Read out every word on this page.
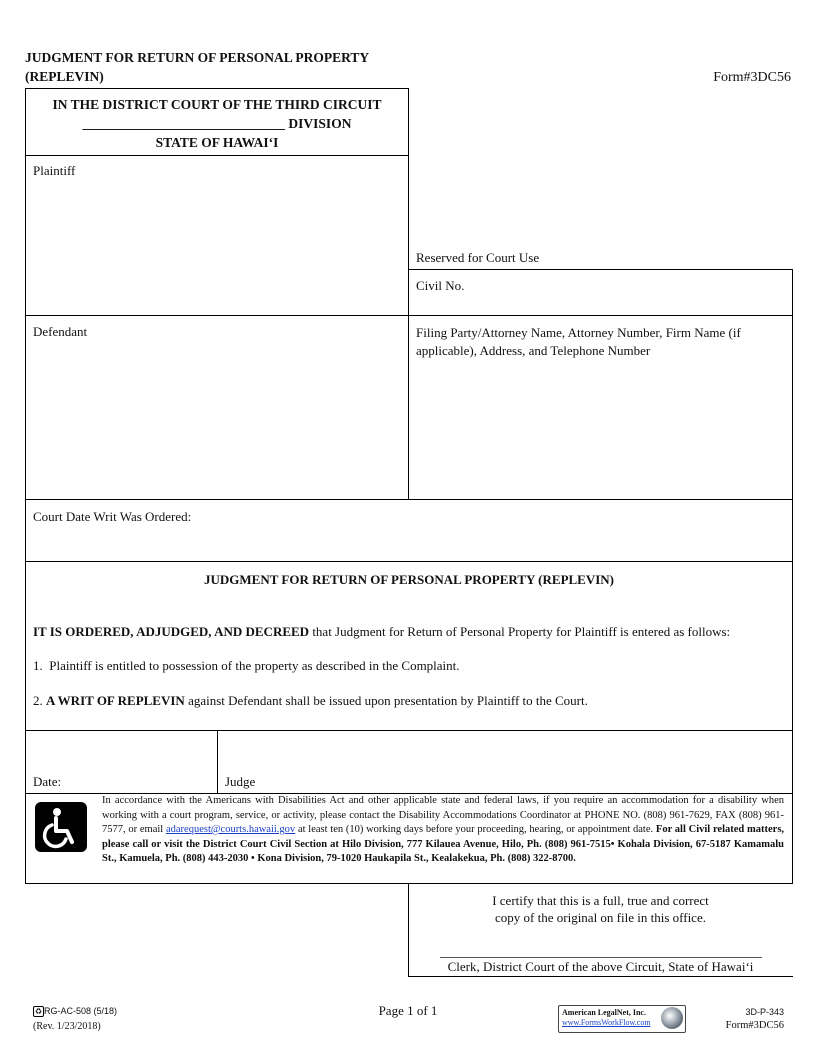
JUDGMENT FOR RETURN OF PERSONAL PROPERTY
(REPLEVIN)	Form#3DC56
IN THE DISTRICT COURT OF THE THIRD CIRCUIT
______________________________ DIVISION
STATE OF HAWAI‘I
Plaintiff
Reserved for Court Use
Civil No.
Defendant	Filing Party/Attorney Name, Attorney Number, Firm Name (if applicable), Address, and Telephone Number
Court Date Writ Was Ordered:
JUDGMENT FOR RETURN OF PERSONAL PROPERTY (REPLEVIN)
IT IS ORDERED, ADJUDGED, AND DECREED that Judgment for Return of Personal Property for Plaintiff is entered as follows:
1.  Plaintiff is entitled to possession of the property as described in the Complaint.
2. A WRIT OF REPLEVIN against Defendant shall be issued upon presentation by Plaintiff to the Court.
Date:	Judge
In accordance with the Americans with Disabilities Act and other applicable state and federal laws, if you require an accommodation for a disability when working with a court program, service, or activity, please contact the Disability Accommodations Coordinator at PHONE NO. (808) 961-7629, FAX (808) 961-7577, or email adarequest@courts.hawaii.gov at least ten (10) working days before your proceeding, hearing, or appointment date. For all Civil related matters, please call or visit the District Court Civil Section at Hilo Division, 777 Kilauea Avenue, Hilo, Ph. (808) 961-7515• Kohala Division, 67-5187 Kamamalu St., Kamuela, Ph. (808) 443-2030 • Kona Division, 79-1020 Haukapila St., Kealakekua, Ph. (808) 322-8700.
I certify that this is a full, true and correct
copy of the original on file in this office.
Clerk, District Court of the above Circuit, State of Hawai‘i
♻ RG-AC-508 (5/18)
(Rev. 1/23/2018)
Page 1 of 1	American LegalNet, Inc.
www.FormsWorkFlow.com
3D-P-343
Form#3DC56
